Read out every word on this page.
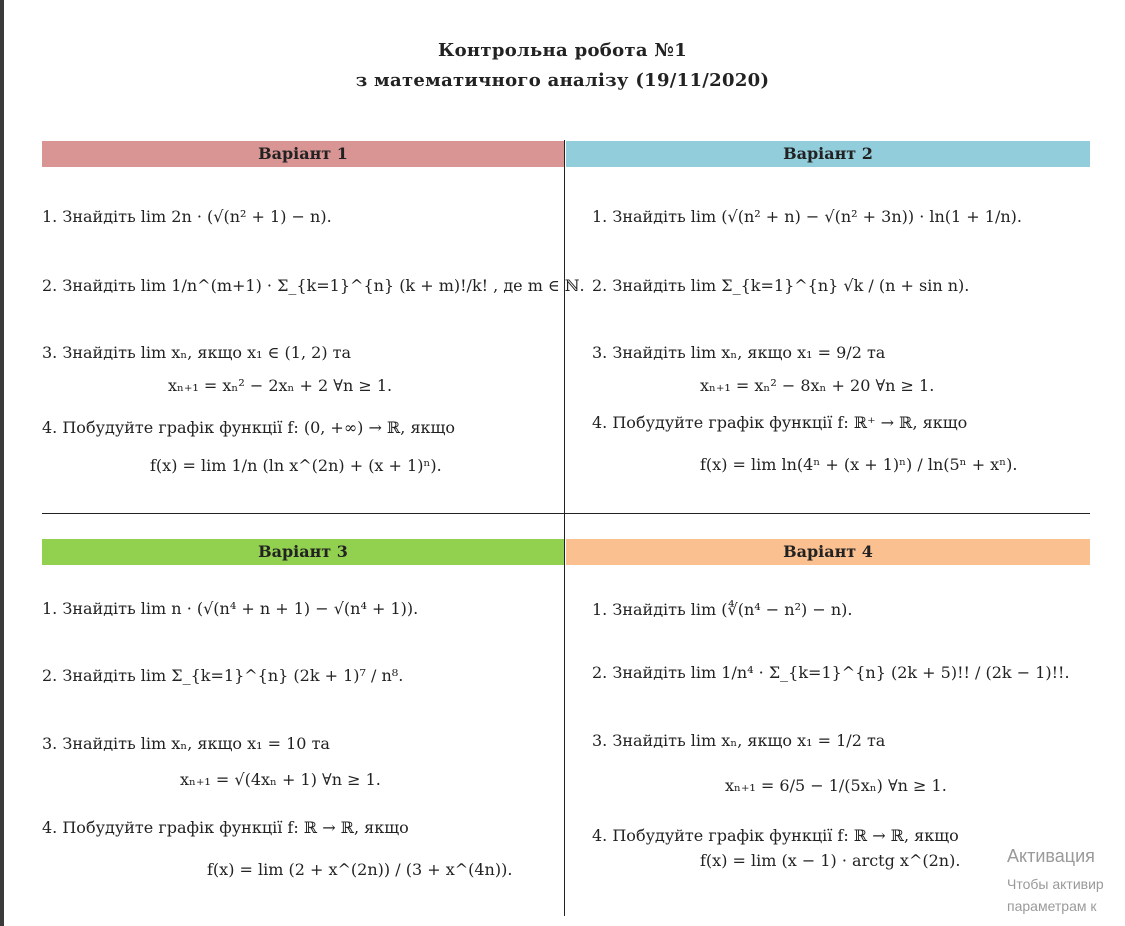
Контрольна робота №1
з математичного аналізу (19/11/2020)
Варіант 1	Варіант 2
Варіант 3	Варіант 4
1. Знайдіть lim 2n · (√(n² + 1) − n).
2. Знайдіть lim 1/n^(m+1) · Σ_{k=1}^{n} (k + m)!/k! , де m ∈ ℕ.
3. Знайдіть lim xₙ, якщо x₁ ∈ (1, 2) та
xₙ₊₁ = xₙ² − 2xₙ + 2 ∀n ≥ 1.
4. Побудуйте графік функції f: (0, +∞) → ℝ, якщо
f(x) = lim 1/n (ln x^(2n) + (x + 1)ⁿ).
1. Знайдіть lim (√(n² + n) − √(n² + 3n)) · ln(1 + 1/n).
2. Знайдіть lim Σ_{k=1}^{n} √k / (n + sin n).
3. Знайдіть lim xₙ, якщо x₁ = 9/2 та
xₙ₊₁ = xₙ² − 8xₙ + 20 ∀n ≥ 1.
4. Побудуйте графік функції f: ℝ⁺ → ℝ, якщо
f(x) = lim ln(4ⁿ + (x + 1)ⁿ) / ln(5ⁿ + xⁿ).
1. Знайдіть lim n · (√(n⁴ + n + 1) − √(n⁴ + 1)).
2. Знайдіть lim Σ_{k=1}^{n} (2k + 1)⁷ / n⁸.
3. Знайдіть lim xₙ, якщо x₁ = 10 та
xₙ₊₁ = √(4xₙ + 1) ∀n ≥ 1.
4. Побудуйте графік функції f: ℝ → ℝ, якщо
f(x) = lim (2 + x^(2n)) / (3 + x^(4n)).
1. Знайдіть lim (∜(n⁴ − n²) − n).
2. Знайдіть lim 1/n⁴ · Σ_{k=1}^{n} (2k + 5)!! / (2k − 1)!!.
3. Знайдіть lim xₙ, якщо x₁ = 1/2 та
xₙ₊₁ = 6/5 − 1/(5xₙ) ∀n ≥ 1.
4. Побудуйте графік функції f: ℝ → ℝ, якщо
f(x) = lim (x − 1) · arctg x^(2n).	Активация
Чтобы активир
параметрам к
